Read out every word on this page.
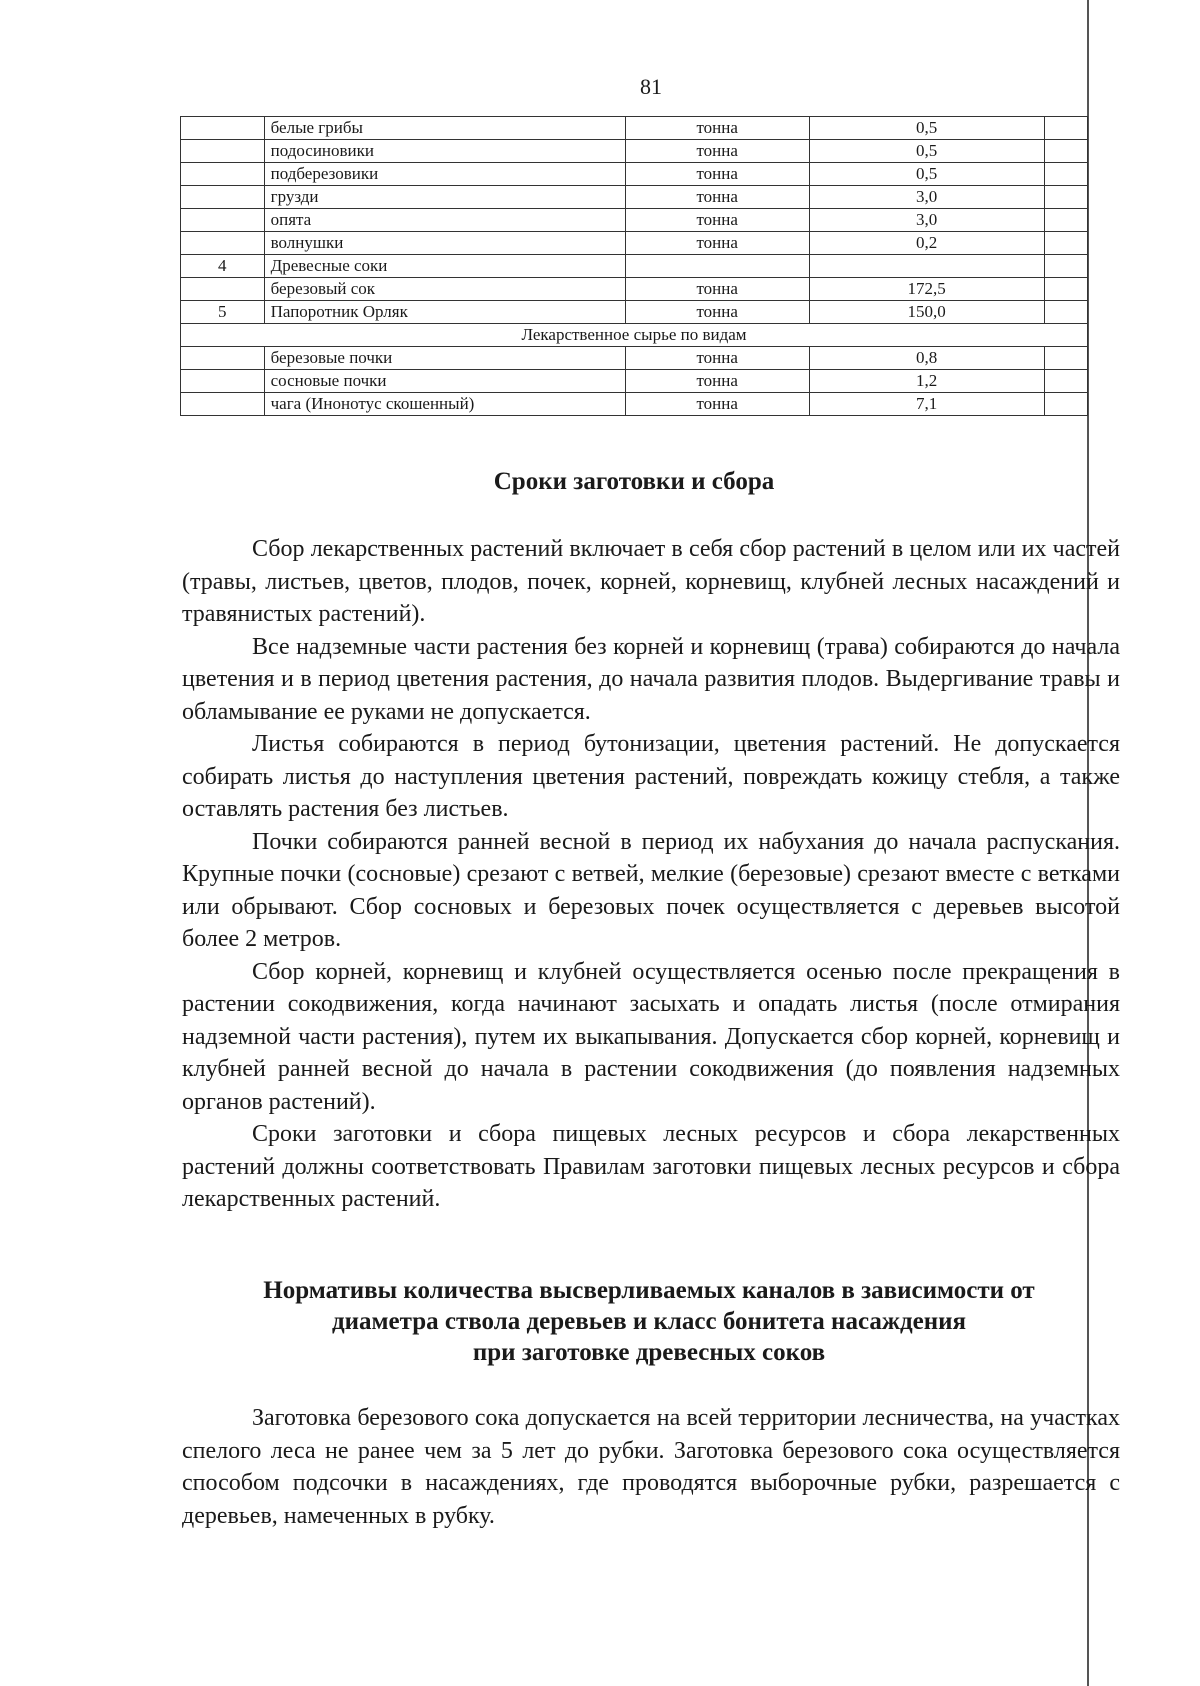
81
	белые грибы	тонна	0,5	
	подосиновики	тонна	0,5	
	подберезовики	тонна	0,5	
	грузди	тонна	3,0	
	опята	тонна	3,0	
	волнушки	тонна	0,2	
4	Древесные соки			
	березовый сок	тонна	172,5	
5	Папоротник Орляк	тонна	150,0	
Лекарственное сырье по видам				
	березовые почки	тонна	0,8	
	сосновые почки	тонна	1,2	
	чага (Инонотус скошенный)	тонна	7,1	
Сроки заготовки и сбора

Сбор лекарственных растений включает в себя сбор растений в целом или их частей (травы, листьев, цветов, плодов, почек, корней, корневищ, клубней лесных насаждений и травянистых растений).

Все надземные части растения без корней и корневищ (трава) собираются до начала цветения и в период цветения растения, до начала развития плодов. Выдергивание травы и обламывание ее руками не допускается.

Листья собираются в период бутонизации, цветения растений. Не допускается собирать листья до наступления цветения растений, повреждать кожицу стебля, а также оставлять растения без листьев.

Почки собираются ранней весной в период их набухания до начала распускания. Крупные почки (сосновые) срезают с ветвей, мелкие (березовые) срезают вместе с ветками или обрывают. Сбор сосновых и березовых почек осуществляется с деревьев высотой более 2 метров.

Сбор корней, корневищ и клубней осуществляется осенью после прекращения в растении сокодвижения, когда начинают засыхать и опадать листья (после отмирания надземной части растения), путем их выкапывания. Допускается сбор корней, корневищ и клубней ранней весной до начала в растении сокодвижения (до появления надземных органов растений).

Сроки заготовки и сбора пищевых лесных ресурсов и сбора лекарственных растений должны соответствовать Правилам заготовки пищевых лесных ресурсов и сбора лекарственных растений.

Нормативы количества высверливаемых каналов в зависимости от
диаметра ствола деревьев и класс бонитета насаждения
при заготовке древесных соков

Заготовка березового сока допускается на всей территории лесничества, на участках спелого леса не ранее чем за 5 лет до рубки. Заготовка березового сока осуществляется способом подсочки в насаждениях, где проводятся выборочные рубки, разрешается с деревьев, намеченных в рубку.
